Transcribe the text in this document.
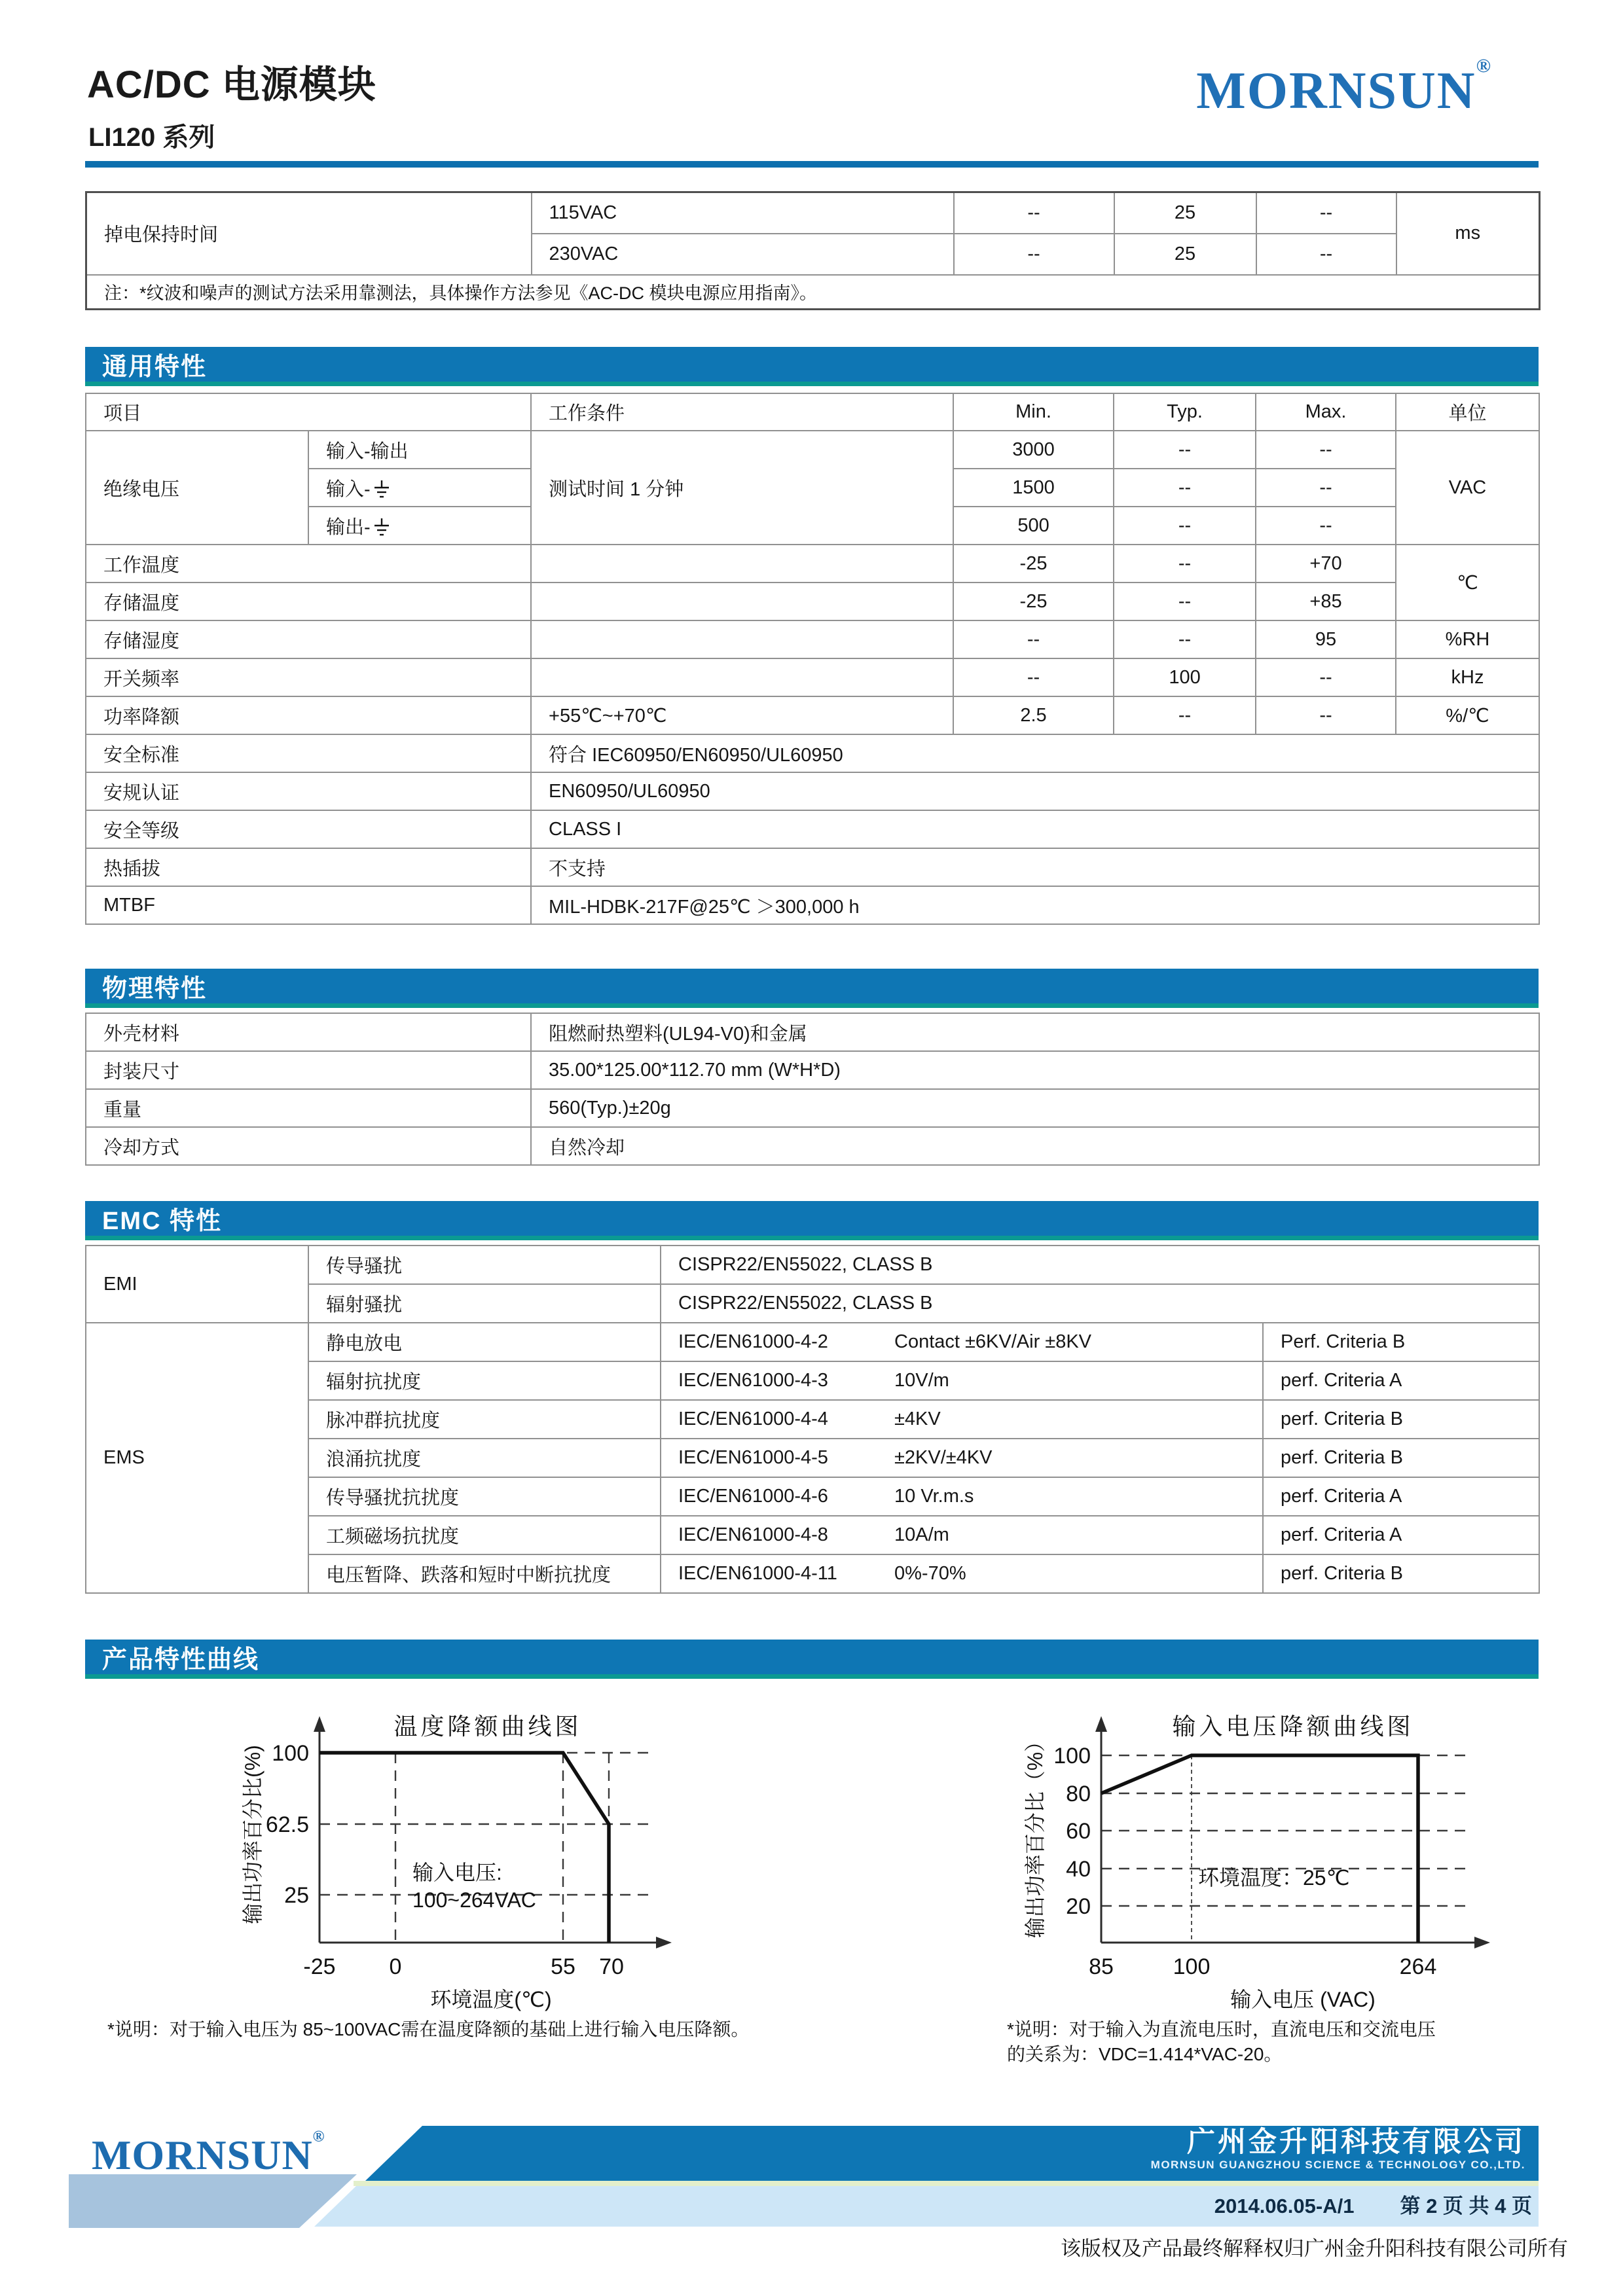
AC/DC 电源模块
LI120 系列
MORNSUN®
掉电保持时间	115VAC	--	25	--	ms
	230VAC	--	25	--	
注：*纹波和噪声的测试方法采用靠测法，具体操作方法参见《AC-DC 模块电源应用指南》。					
通用特性
项目		工作条件	Min.	Typ.	Max.	单位
绝缘电压	输入-输出	测试时间 1 分钟	3000	--	--	VAC
	输入-		1500	--	--	
	输出-		500	--	--	
工作温度			-25	--	+70	℃
存储温度			-25	--	+85	
存储湿度			--	--	95	%RH
开关频率			--	100	--	kHz
功率降额		+55℃~+70℃	2.5	--	--	%/℃
安全标准		符合 IEC60950/EN60950/UL60950				
安规认证		EN60950/UL60950				
安全等级		CLASS I				
热插拔		不支持				
MTBF		MIL-HDBK-217F@25℃ ＞300,000 h				
物理特性
外壳材料	阻燃耐热塑料(UL94-V0)和金属
封装尺寸	35.00*125.00*112.70 mm (W*H*D)
重量	560(Typ.)±20g
冷却方式	自然冷却
EMC 特性
EMI	传导骚扰	CISPR22/EN55022, CLASS B	
	辐射骚扰	CISPR22/EN55022, CLASS B	
EMS	静电放电	IEC/EN61000-4-2 Contact ±6KV/Air ±8KV	Perf. Criteria B
	辐射抗扰度	IEC/EN61000-4-3 10V/m	perf. Criteria A
	脉冲群抗扰度	IEC/EN61000-4-4 ±4KV	perf. Criteria B
	浪涌抗扰度	IEC/EN61000-4-5 ±2KV/±4KV	perf. Criteria B
	传导骚扰抗扰度	IEC/EN61000-4-6 10 Vr.m.s	perf. Criteria A
	工频磁场抗扰度	IEC/EN61000-4-8 10A/m	perf. Criteria A
	电压暂降、跌落和短时中断抗扰度	IEC/EN61000-4-11 0%-70%	perf. Criteria B
产品特性曲线
温度降额曲线图
100
62.5
25
-25 0	55 70
环境温度(℃)
输出功率百分比(%)	输入电压:
100~264VAC
*说明：对于输入电压为 85~100VAC需在温度降额的基础上进行输入电压降额。
输入电压降额曲线图
100
80
60
40
20
85	100	264
输入电压 (VAC)
输出功率百分比（%）	环境温度：25℃
*说明：对于输入为直流电压时，直流电压和交流电压
的关系为：VDC=1.414*VAC-20。
MORNSUN®	广州金升阳科技有限公司
MORNSUN GUANGZHOU SCIENCE & TECHNOLOGY CO.,LTD.
2014.06.05-A/1 第 2 页 共 4 页
该版权及产品最终解释权归广州金升阳科技有限公司所有
